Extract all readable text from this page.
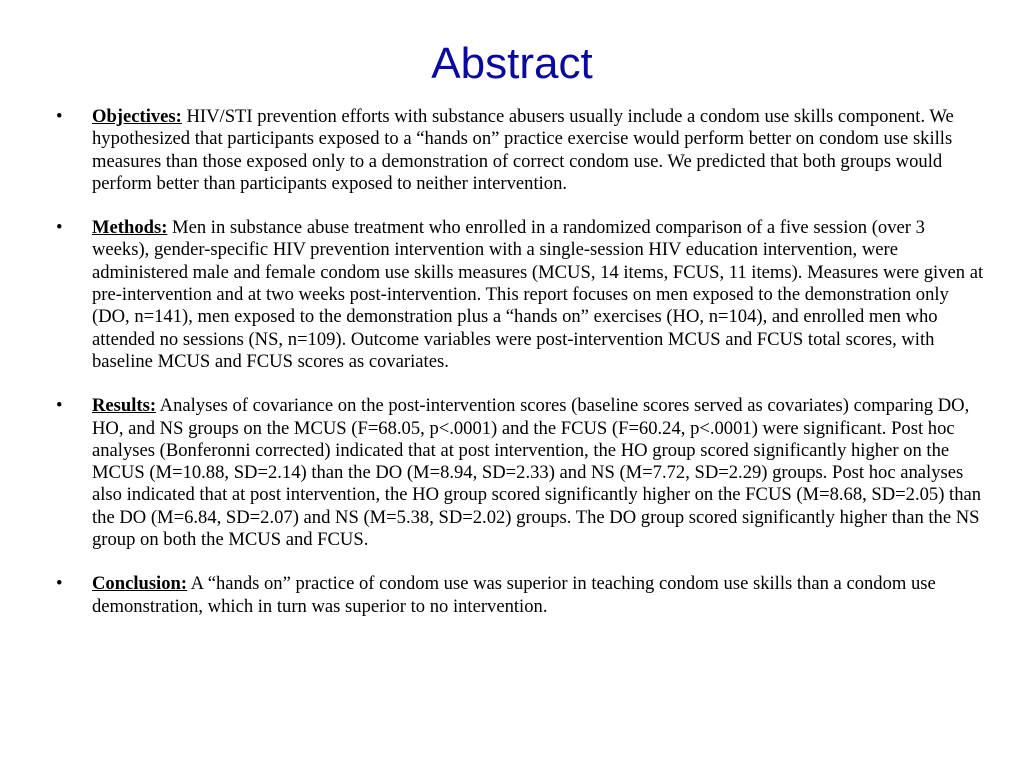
Abstract
• Objectives: HIV/STI prevention efforts with substance abusers usually include a condom use skills component. We hypothesized that participants exposed to a “hands on” practice exercise would perform better on condom use skills measures than those exposed only to a demonstration of correct condom use. We predicted that both groups would perform better than participants exposed to neither intervention.
• Methods: Men in substance abuse treatment who enrolled in a randomized comparison of a five session (over 3 weeks), gender-specific HIV prevention intervention with a single-session HIV education intervention, were administered male and female condom use skills measures (MCUS, 14 items, FCUS, 11 items). Measures were given at pre-intervention and at two weeks post-intervention. This report focuses on men exposed to the demonstration only (DO, n=141), men exposed to the demonstration plus a “hands on” exercises (HO, n=104), and enrolled men who attended no sessions (NS, n=109). Outcome variables were post-intervention MCUS and FCUS total scores, with baseline MCUS and FCUS scores as covariates.
• Results: Analyses of covariance on the post-intervention scores (baseline scores served as covariates) comparing DO, HO, and NS groups on the MCUS (F=68.05, p<.0001) and the FCUS (F=60.24, p<.0001) were significant. Post hoc analyses (Bonferonni corrected) indicated that at post intervention, the HO group scored significantly higher on the MCUS (M=10.88, SD=2.14) than the DO (M=8.94, SD=2.33) and NS (M=7.72, SD=2.29) groups. Post hoc analyses also indicated that at post intervention, the HO group scored significantly higher on the FCUS (M=8.68, SD=2.05) than the DO (M=6.84, SD=2.07) and NS (M=5.38, SD=2.02) groups. The DO group scored significantly higher than the NS group on both the MCUS and FCUS.
• Conclusion: A “hands on” practice of condom use was superior in teaching condom use skills than a condom use demonstration, which in turn was superior to no intervention.
